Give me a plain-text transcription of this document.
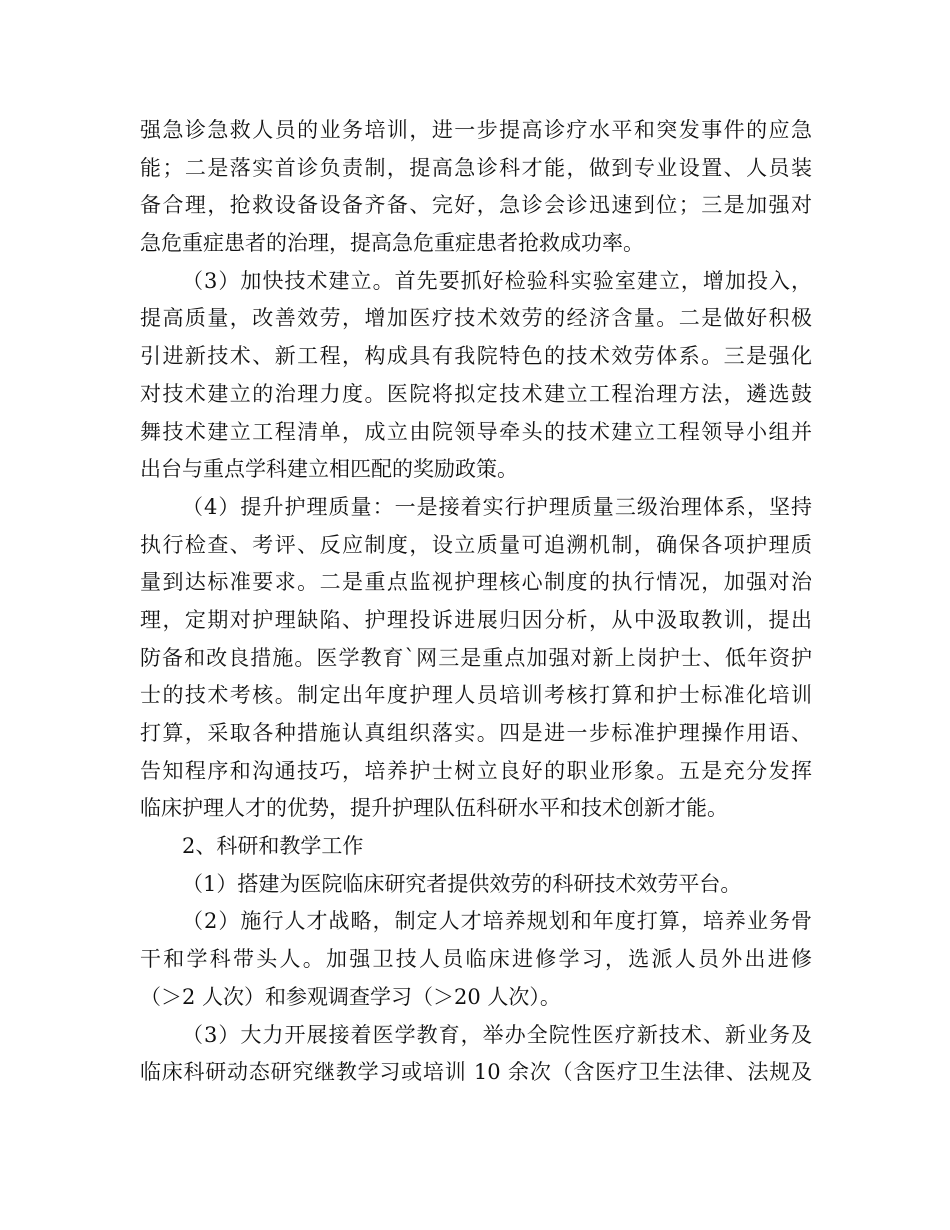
强急诊急救人员的业务培训，进一步提高诊疗水平和突发事件的应急
能；二是落实首诊负责制，提高急诊科才能，做到专业设置、人员装
备合理，抢救设备设备齐备、完好，急诊会诊迅速到位；三是加强对
急危重症患者的治理，提高急危重症患者抢救成功率。
（3）加快技术建立。首先要抓好检验科实验室建立，增加投入，
提高质量，改善效劳，增加医疗技术效劳的经济含量。二是做好积极
引进新技术、新工程，构成具有我院特色的技术效劳体系。三是强化
对技术建立的治理力度。医院将拟定技术建立工程治理方法，遴选鼓
舞技术建立工程清单，成立由院领导牵头的技术建立工程领导小组并
出台与重点学科建立相匹配的奖励政策。
（4）提升护理质量：一是接着实行护理质量三级治理体系，坚持
执行检查、考评、反应制度，设立质量可追溯机制，确保各项护理质
量到达标准要求。二是重点监视护理核心制度的执行情况，加强对治
理，定期对护理缺陷、护理投诉进展归因分析，从中汲取教训，提出
防备和改良措施。医学教育`网三是重点加强对新上岗护士、低年资护
士的技术考核。制定出年度护理人员培训考核打算和护士标准化培训
打算，采取各种措施认真组织落实。四是进一步标准护理操作用语、
告知程序和沟通技巧，培养护士树立良好的职业形象。五是充分发挥
临床护理人才的优势，提升护理队伍科研水平和技术创新才能。
2、科研和教学工作
（1）搭建为医院临床研究者提供效劳的科研技术效劳平台。
（2）施行人才战略，制定人才培养规划和年度打算，培养业务骨
干和学科带头人。加强卫技人员临床进修学习，选派人员外出进修
（＞2 人次）和参观调查学习（＞20 人次）。
（3）大力开展接着医学教育，举办全院性医疗新技术、新业务及
临床科研动态研究继教学习或培训 10 余次（含医疗卫生法律、法规及
